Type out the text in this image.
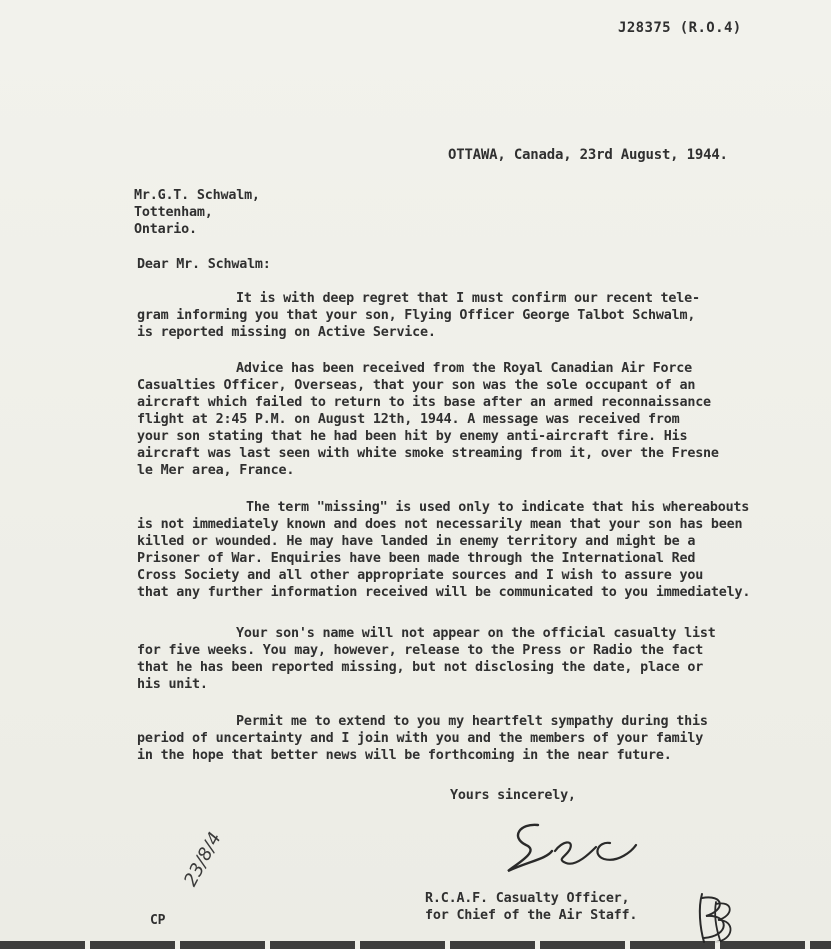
J28375 (R.O.4)
OTTAWA, Canada, 23rd August, 1944.
Mr.G.T. Schwalm,
Tottenham,
Ontario.
Dear Mr. Schwalm:
It is with deep regret that I must confirm our recent tele-
gram informing you that your son, Flying Officer George Talbot Schwalm,
is reported missing on Active Service.
Advice has been received from the Royal Canadian Air Force
Casualties Officer, Overseas, that your son was the sole occupant of an
aircraft which failed to return to its base after an armed reconnaissance
flight at 2:45 P.M. on August 12th, 1944. A message was received from
your son stating that he had been hit by enemy anti-aircraft fire. His
aircraft was last seen with white smoke streaming from it, over the Fresne
le Mer area, France.
The term "missing" is used only to indicate that his whereabouts
is not immediately known and does not necessarily mean that your son has been
killed or wounded. He may have landed in enemy territory and might be a
Prisoner of War. Enquiries have been made through the International Red
Cross Society and all other appropriate sources and I wish to assure you
that any further information received will be communicated to you immediately.
Your son's name will not appear on the official casualty list
for five weeks. You may, however, release to the Press or Radio the fact
that he has been reported missing, but not disclosing the date, place or
his unit.
Permit me to extend to you my heartfelt sympathy during this
period of uncertainty and I join with you and the members of your family
in the hope that better news will be forthcoming in the near future.
Yours sincerely,
R.C.A.F. Casualty Officer,
for Chief of the Air Staff.
CP
23/8/4
